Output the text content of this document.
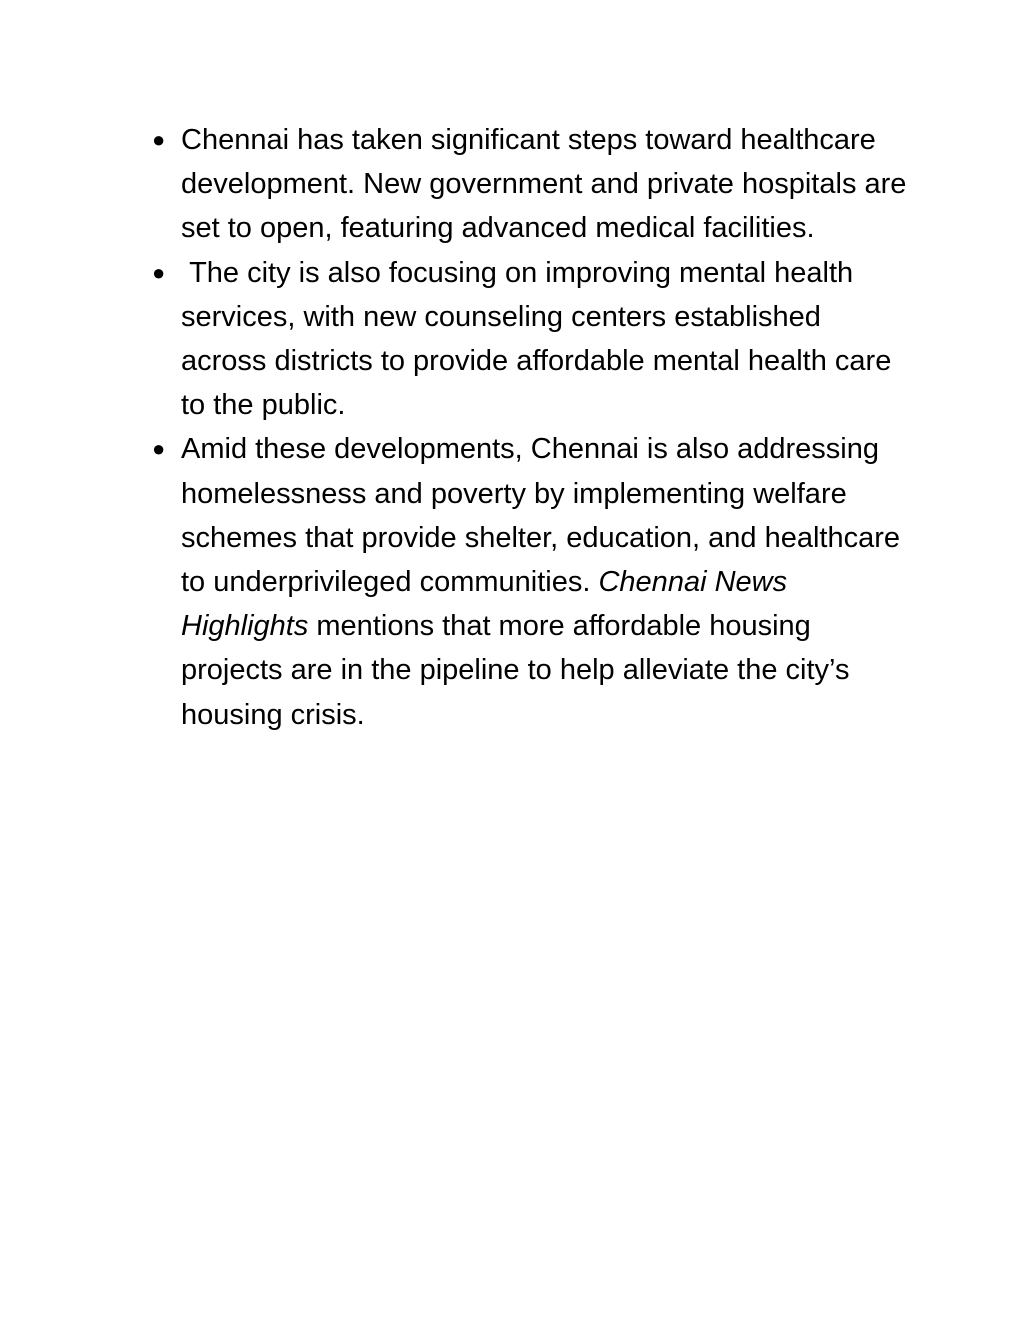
● Chennai has taken significant steps toward healthcare development. New government and private hospitals are set to open, featuring advanced medical facilities.
● The city is also focusing on improving mental health services, with new counseling centers established across districts to provide affordable mental health care to the public.
● Amid these developments, Chennai is also addressing homelessness and poverty by implementing welfare schemes that provide shelter, education, and healthcare to underprivileged communities. Chennai News Highlights mentions that more affordable housing projects are in the pipeline to help alleviate the city’s housing crisis.
